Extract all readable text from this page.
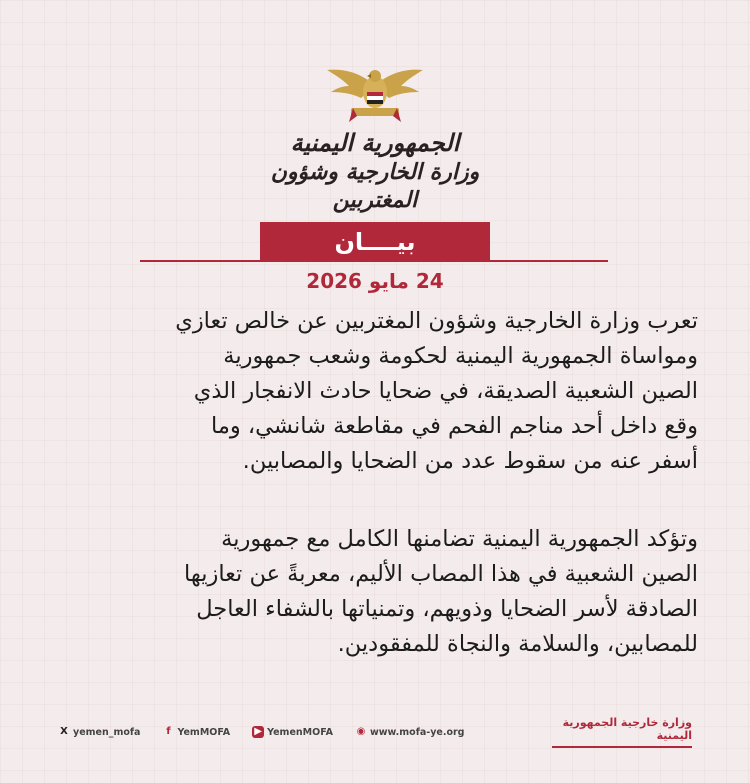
الجمهورية اليمنية
وزارة الخارجية وشؤون المغتربين
بيــــان
24 مايو 2026

تعرب وزارة الخارجية وشؤون المغتربين عن خالص تعازي

ومواساة الجمهورية اليمنية لحكومة وشعب جمهورية

الصين الشعبية الصديقة، في ضحايا حادث الانفجار الذي

وقع داخل أحد مناجم الفحم في مقاطعة شانشي، وما

أسفر عنه من سقوط عدد من الضحايا والمصابين.

وتؤكد الجمهورية اليمنية تضامنها الكامل مع جمهورية

الصين الشعبية في هذا المصاب الأليم، معربةً عن تعازيها

الصادقة لأسر الضحايا وذويهم، وتمنياتها بالشفاء العاجل

للمصابين، والسلامة والنجاة للمفقودين.

X yemen_mofa	f YemMOFA ▶ YemenMOFA ◉ www.mofa-ye.org
وزارة خارجية الجمهورية اليمنية
